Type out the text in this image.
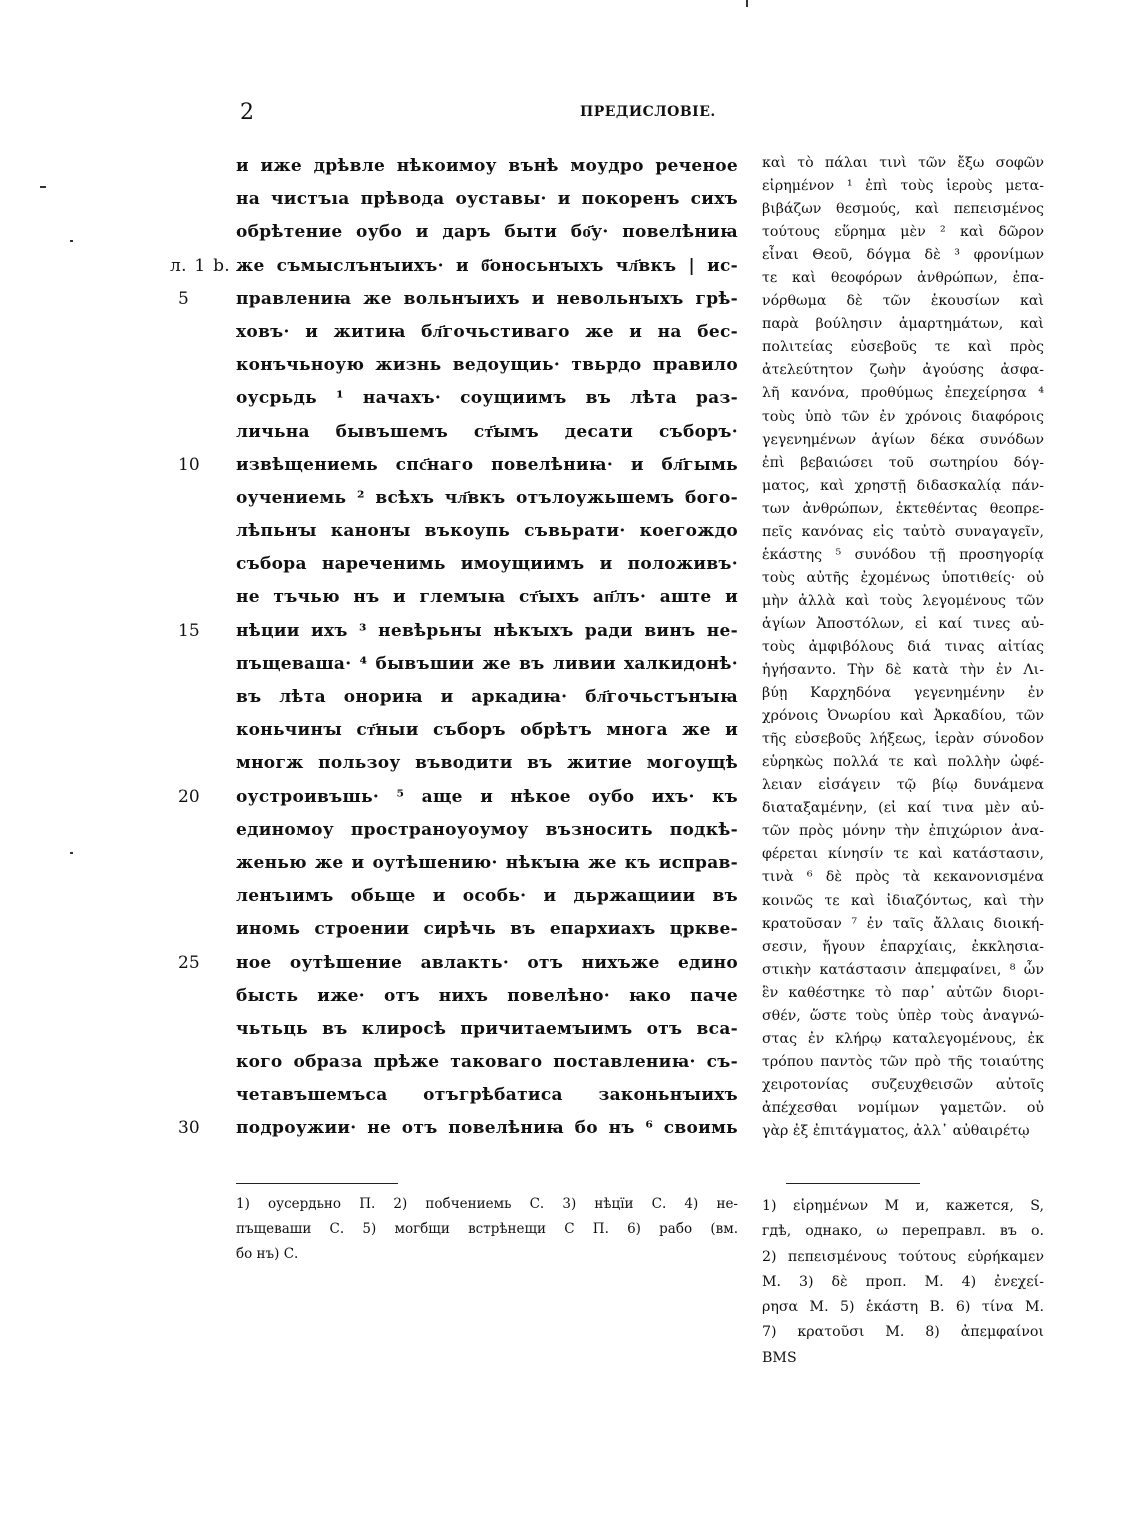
2	ПРЕДИСЛОВІЕ.
и иже дрѣвле нѣкоимоу вънѣ моудро реченое
на чистъıа прѣвода оуставы· и покоренъ сихъ
обрѣтение оубо и даръ быти бо҃у· повелѣниꙗ
же съмыслънꙑихъ· и б҃оносьнꙑхъ чл҃вкъ | ис-
л. 1 b.
правлениꙗ же вольнꙑихъ и невольнꙑхъ грѣ-
5
ховъ· и житиꙗ бл҃гочьстиваго же и на бес-
конъчьноую жизнь ведоущиь· твьрдо правило
оусрьдь ¹ начахъ· соущиимъ въ лѣта раз-
личьна бывъшемъ ст҃ымъ десати съборъ·
извѣщениемь спс҃наго повелѣниꙗ· и бл҃гымь
10
оучениемь ² всѣхъ чл҃вкъ отълоужьшемъ бого-
лѣпьнꙑ канонꙑ въкоупь съвьрати· коегождо
събора нареченимь имоущиимъ и положивъ·
не тъчью нъ и глемꙑꙗ ст҃ыхъ ап҃лъ· аште и
нѣции ихъ ³ невѣрьнꙑ нѣкꙑхъ ради винъ не-
15
пъщеваша· ⁴ бывъшии же въ ливии халкидонѣ·
въ лѣта онориꙗ и аркадиꙗ· бл҃гочьстънꙑꙗ
коньчинꙑ ст҃ныи съборъ обрѣтъ многа же и
многж пользоу въводити въ житие могоущѣ
оустроивъшь· ⁵ аще и нѣкое оубо ихъ· къ
20
единомоу пространоуоумоу възносить подкѣ-
женью же и оутѣшению· нѣкꙑꙗ же къ исправ-
ленъıимъ обьще и особь· и дьржащиии въ
иномь строении сирѣчь въ епархиахъ цркве-
ное оутѣшение авлакть· отъ нихъже едино
25
бысть иже· отъ нихъ повелѣно· ꙗко пачe
чьтьць въ клиросѣ причитаемꙑимъ отъ вса-
кого образа прѣже таковаго поставлениꙗ· съ-
четавъшемъса отъгрѣбатиса законьнꙑихъ
подроужии· не отъ повелѣниꙗ бо нъ ⁶ своимь
30
καὶ τὸ πάλαι τινὶ τῶν ἔξω σοφῶν
εἰρημένον ¹ ἐπὶ τοὺς ἱεροὺς μετα-
βιβάζων θεσμούς, καὶ πεπεισμένος
τούτους εὕρημα μὲν ² καὶ δῶρον
εἶναι Θεοῦ, δόγμα δὲ ³ φρονίμων
τε καὶ θεοφόρων ἀνθρώπων, ἐπα-
νόρθωμα δὲ τῶν ἑκουσίων καὶ
παρὰ βούλησιν ἁμαρτημάτων, καὶ
πολιτείας εὐσεβοῦς τε καὶ πρὸς
ἀτελεύτητον ζωὴν ἀγούσης ἀσφα-
λῆ κανόνα, προθύμως ἐπεχείρησα ⁴
τοὺς ὑπὸ τῶν ἐν χρόνοις διαφόροις
γεγενημένων ἁγίων δέκα συνόδων
ἐπὶ βεβαιώσει τοῦ σωτηρίου δόγ-
ματος, καὶ χρηστῇ διδασκαλίᾳ πάν-
των ἀνθρώπων, ἐκτεθέντας θεοπρε-
πεῖς κανόνας εἰς ταὐτὸ συναγαγεῖν,
ἑκάστης ⁵ συνόδου τῇ προσηγορίᾳ
τοὺς αὐτῆς ἐχομένως ὑποτιθείς· οὐ
μὴν ἀλλὰ καὶ τοὺς λεγομένους τῶν
ἁγίων Ἀποστόλων, εἰ καί τινες αὐ-
τοὺς ἀμφιβόλους διά τινας αἰτίας
ἡγήσαντο. Τὴν δὲ κατὰ τὴν ἐν Λι-
βύῃ Καρχηδόνα γεγενημένην ἐν
χρόνοις Ὀνωρίου καὶ Ἀρκαδίου, τῶν
τῆς εὐσεβοῦς λήξεως, ἱερὰν σύνοδον
εὑρηκὼς πολλά τε καὶ πολλὴν ὠφέ-
λειαν εἰσάγειν τῷ βίῳ δυνάμενα
διαταξαμένην, (εἰ καί τινα μὲν αὐ-
τῶν πρὸς μόνην τὴν ἐπιχώριον ἀνα-
φέρεται κίνησίν τε καὶ κατάστασιν,
τινὰ ⁶ δὲ πρὸς τὰ κεκανονισμένα
κοινῶς τε καὶ ἰδιαζόντως, καὶ τὴν
κρατοῦσαν ⁷ ἐν ταῖς ἄλλαις διοική-
σεσιν, ἤγουν ἐπαρχίαις, ἐκκλησια-
στικὴν κατάστασιν ἀπεμφαίνει, ⁸ ὧν
ἓν καθέστηκε τὸ παρ᾽ αὐτῶν διορι-
σθέν, ὥστε τοὺς ὑπὲρ τοὺς ἀναγνώ-
στας ἐν κλήρῳ καταλεγομένους, ἐκ
τρόπου παντὸς τῶν πρὸ τῆς τοιαύτης
χειροτονίας συζευχθεισῶν αὐτοῖς
ἀπέχεσθαι νομίμων γαμετῶν. οὐ
γὰρ ἐξ ἐπιτάγματος, ἀλλ᾽ αὐθαιρέτῳ
1) оусердьно П. 2) побчениемь С. 3) нѣцїи С. 4) не-
пъщеваши С. 5) могбщи встрѣнещи С П. 6) рабо (вм.
бо нъ) С.
1) εἰρημένων M и, кажется, S,
гдѣ, однако, ω переправл. въ ο.
2) πεπεισμένους τούτους εὑρήκαμεν
M. 3) δὲ проп. M. 4) ἐνεχεί-
ρησα M. 5) ἑκάστη B. 6) τίνα M.
7) κρατοῦσι M. 8) ἀπεμφαίνοι
BMS
